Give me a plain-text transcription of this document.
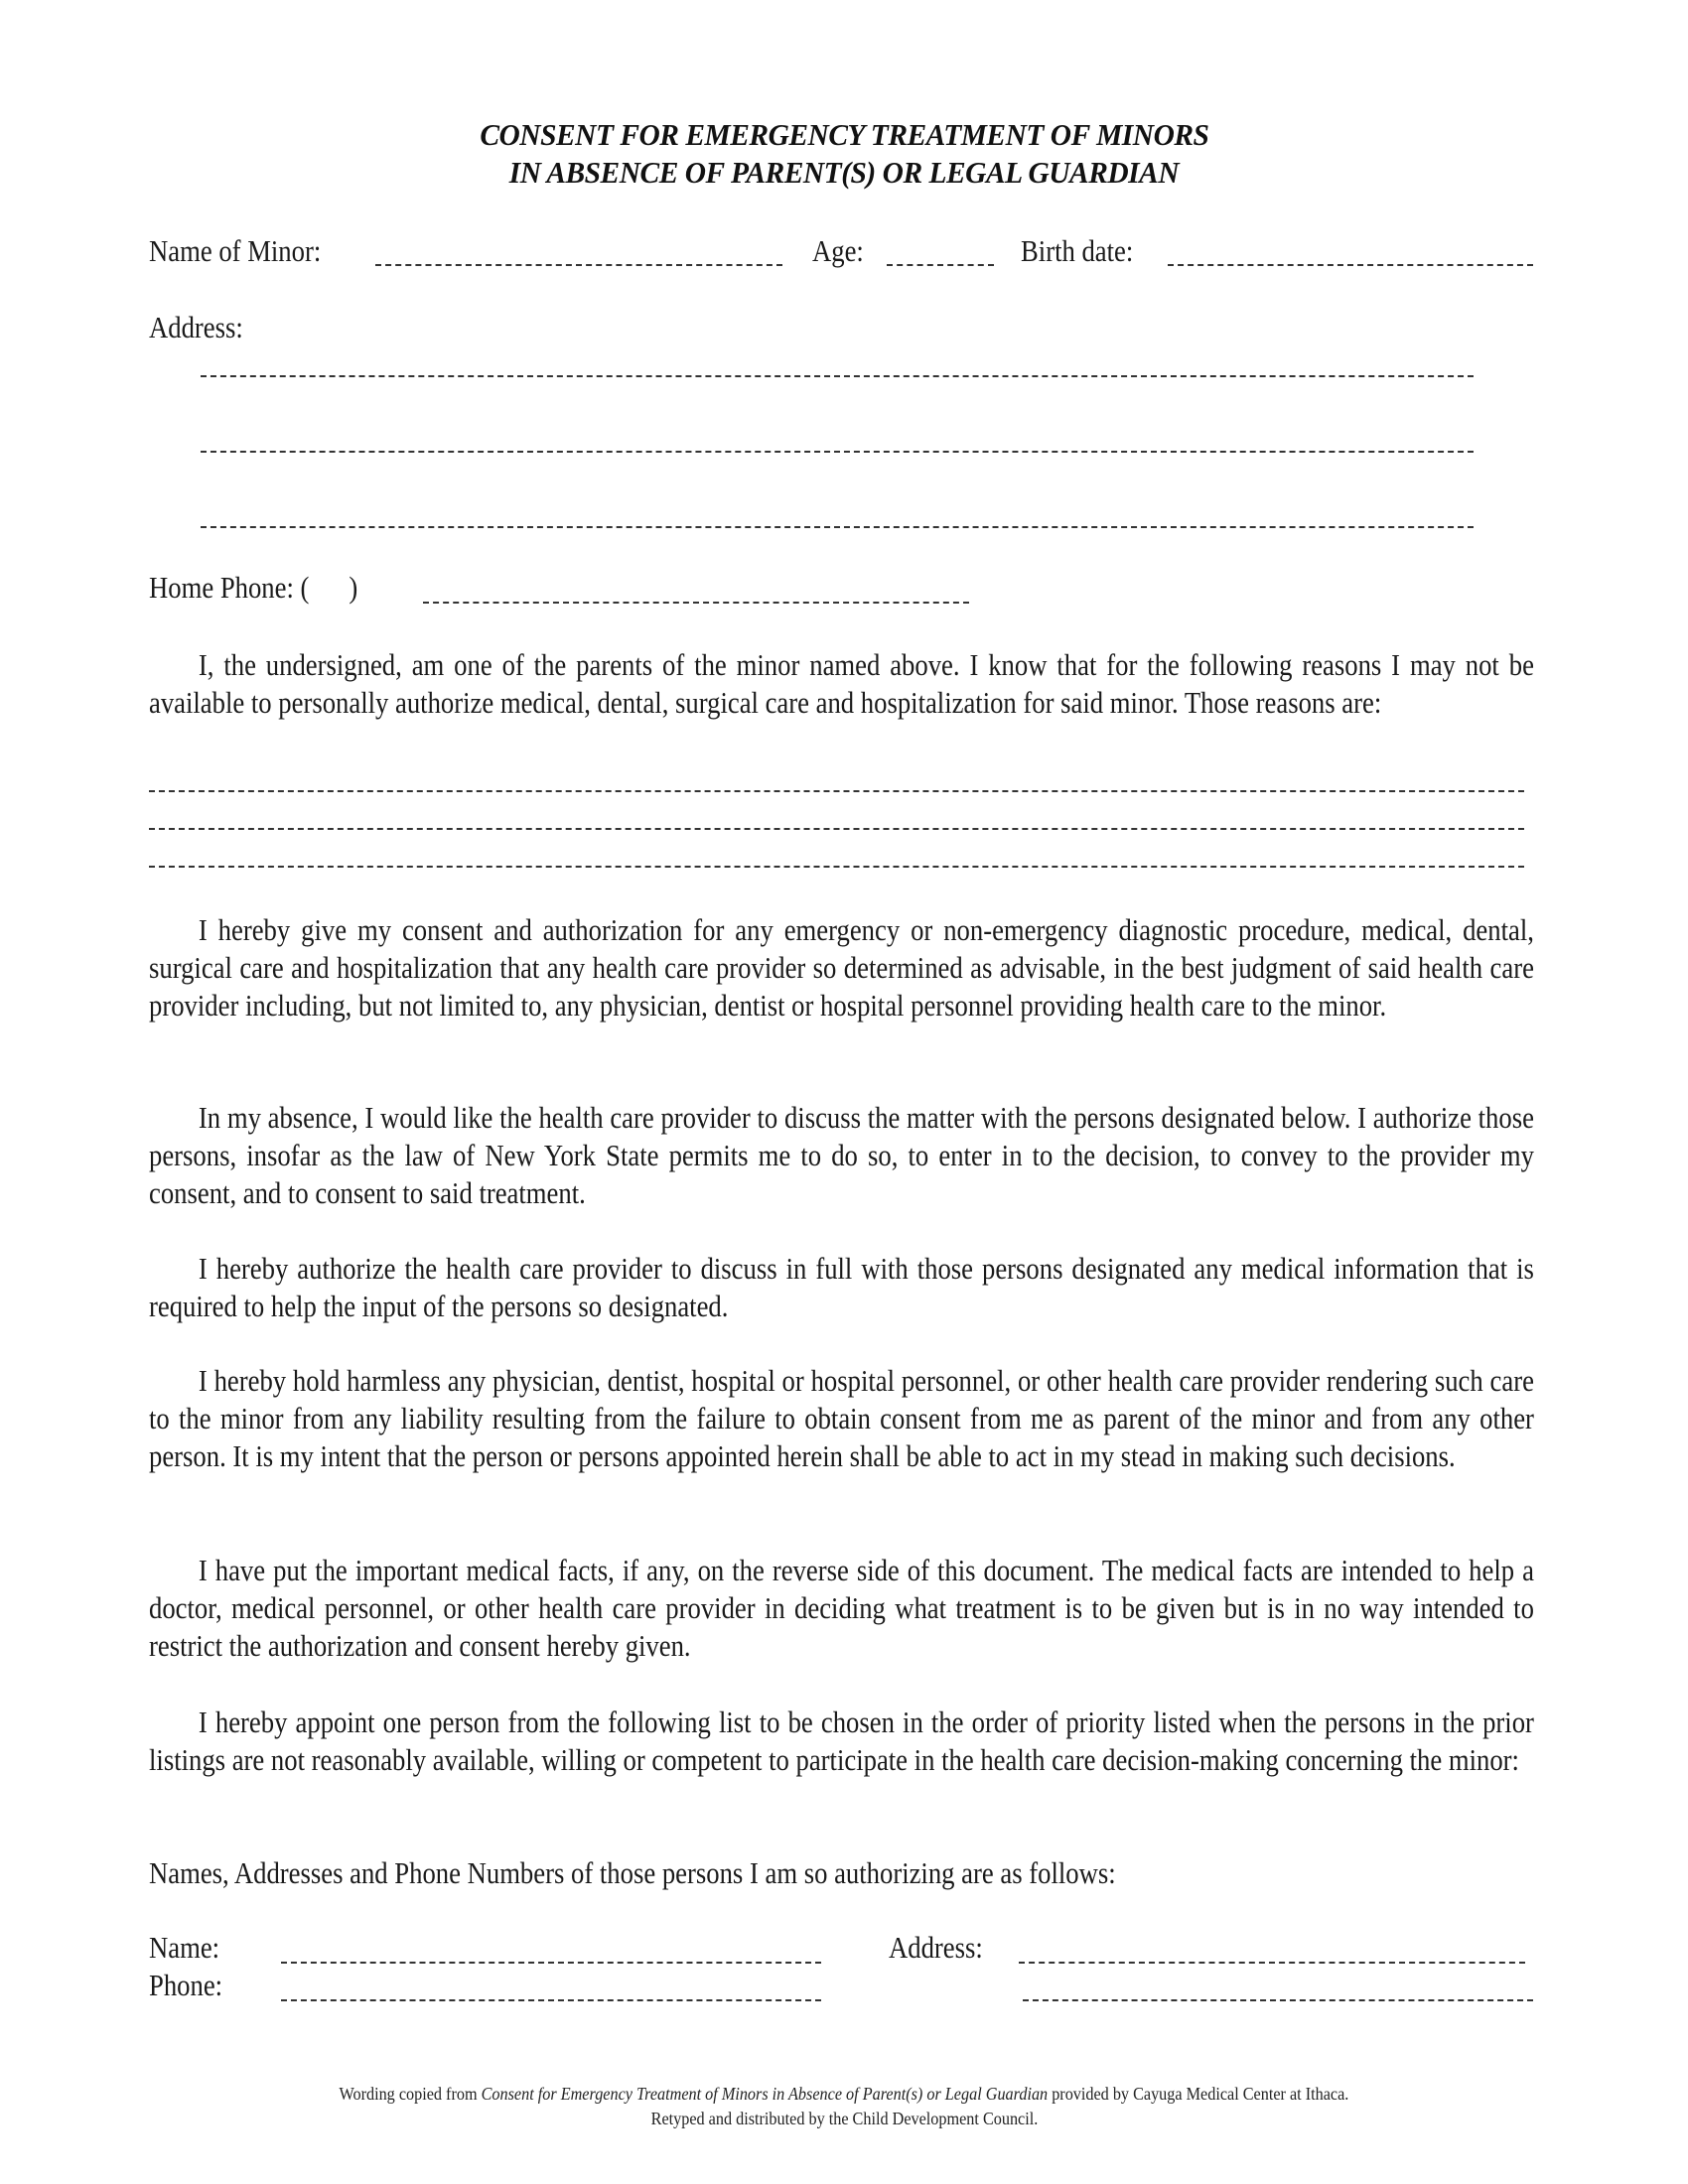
CONSENT FOR EMERGENCY TREATMENT OF MINORS
IN ABSENCE OF PARENT(S) OR LEGAL GUARDIAN
Name of Minor:	Age:	Birth date:
Address:
Home Phone: (      )
I, the undersigned, am one of the parents of the minor named above. I know that for the following reasons I may not be available to personally authorize medical, dental, surgical care and hospitalization for said minor. Those reasons are:
I hereby give my consent and authorization for any emergency or non-emergency diagnostic procedure, medical, dental, surgical care and hospitalization that any health care provider so determined as advisable, in the best judgment of said health care provider including, but not limited to, any physician, dentist or hospital personnel providing health care to the minor.
In my absence, I would like the health care provider to discuss the matter with the persons designated below. I authorize those persons, insofar as the law of New York State permits me to do so, to enter in to the decision, to convey to the provider my consent, and to consent to said treatment.
I hereby authorize the health care provider to discuss in full with those persons designated any medical information that is required to help the input of the persons so designated.
I hereby hold harmless any physician, dentist, hospital or hospital personnel, or other health care provider rendering such care to the minor from any liability resulting from the failure to obtain consent from me as parent of the minor and from any other person. It is my intent that the person or persons appointed herein shall be able to act in my stead in making such decisions.
I have put the important medical facts, if any, on the reverse side of this document. The medical facts are intended to help a doctor, medical personnel, or other health care provider in deciding what treatment is to be given but is in no way intended to restrict the authorization and consent hereby given.
I hereby appoint one person from the following list to be chosen in the order of priority listed when the persons in the prior listings are not reasonably available, willing or competent to participate in the health care decision-making concerning the minor:
Names, Addresses and Phone Numbers of those persons I am so authorizing are as follows:
Name:	Address:
Phone:
Wording copied from Consent for Emergency Treatment of Minors in Absence of Parent(s) or Legal Guardian provided by Cayuga Medical Center at Ithaca.
Retyped and distributed by the Child Development Council.
